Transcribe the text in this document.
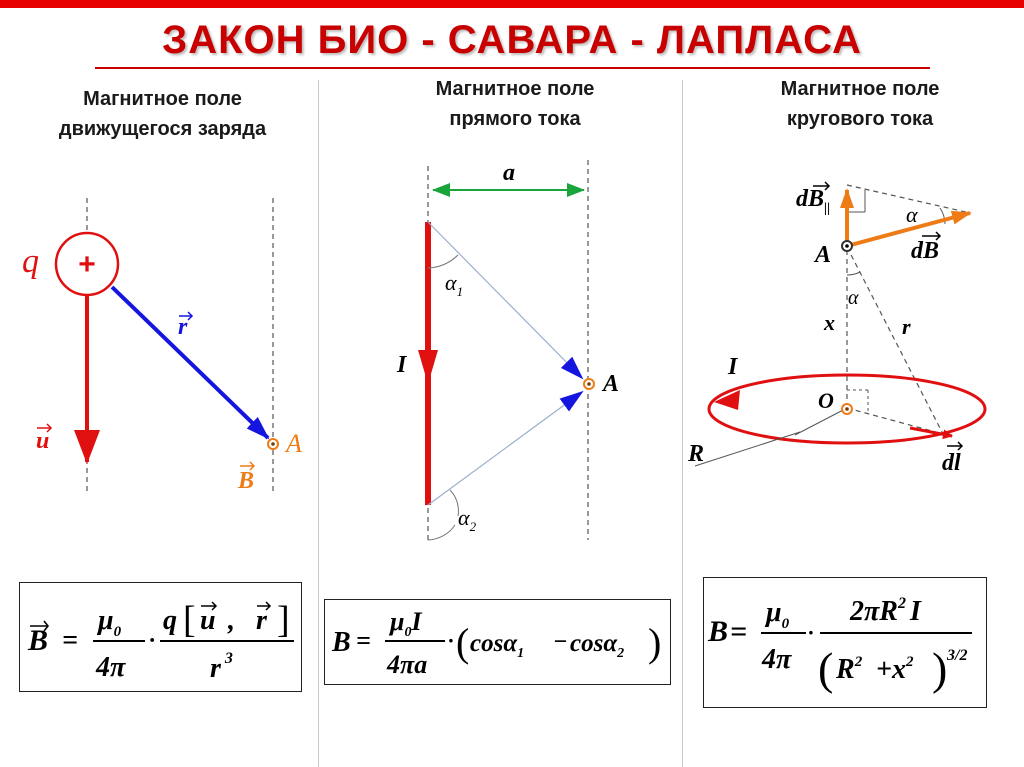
ЗАКОН БИО - САВАРА - ЛАПЛАСА
Магнитное поле
движущегося заряда
Магнитное поле
прямого тока
Магнитное поле
кругового тока
+
q
u
r
A
B
a
I
$\alpha_1$
$\alpha_2$
A
$dB_{||}$	α
dB
A
α
x	r
I
O
R	dl
B =
$\mu_0$
4π
·
q [ u , r ]
r $^3$
B =
$\mu_0I$
4πa
· ( cosα$_1$ − cosα$_2$ ) B =
$\mu_0$
4π
·
$2\pi R^2$ I
( $R^2 +x^2$ ) 3/2
